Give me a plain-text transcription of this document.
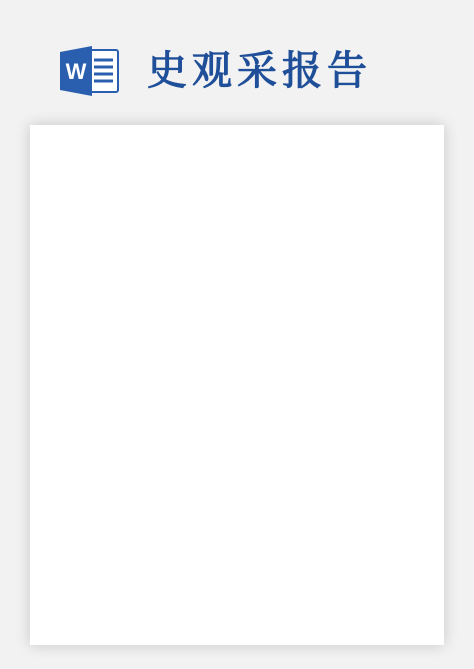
W 史观采报告
